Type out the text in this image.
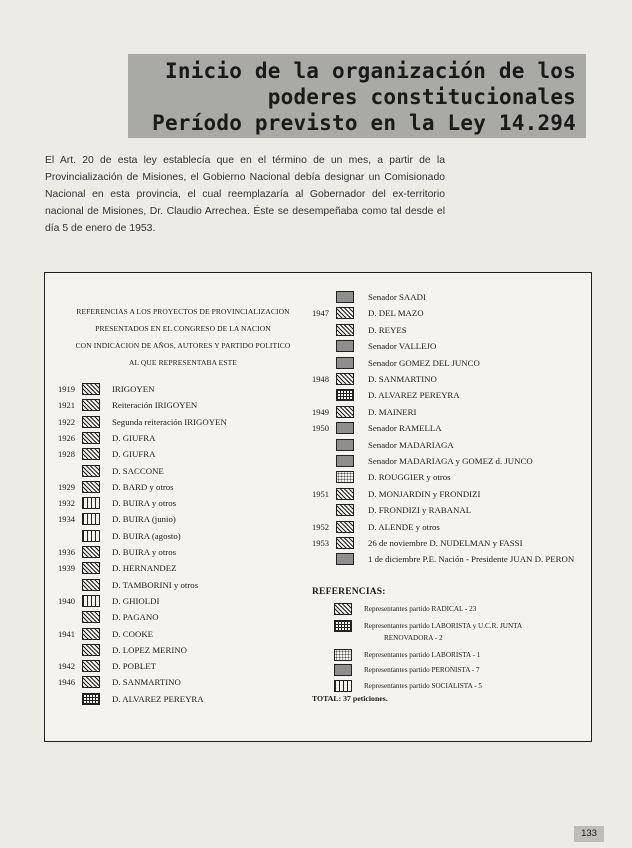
Inicio de la organización de los
poderes constitucionales
Período previsto en la Ley 14.294

El Art. 20 de esta ley establecía que en el término de un mes, a partir de la Provincialización de Misiones, el Gobierno Nacional debía designar un Comisionado Nacional en esta provincia, el cual reemplazaría al Gobernador del ex-territorio nacional de Misiones, Dr. Claudio Arrechea. Éste se desempeñaba como tal desde el día 5 de enero de 1953.

REFERENCIAS A LOS PROYECTOS DE PROVINCIALIZACION
PRESENTADOS EN EL CONGRESO DE LA NACION
CON INDICACION DE AÑOS, AUTORES Y PARTIDO POLITICO
AL QUE REPRESENTABA ESTE
1919	IRIGOYEN
1921	Reiteración IRIGOYEN
1922	Segunda reiteración IRIGOYEN
1926	D. GIUFRA
1928	D. GIUFRA
D. SACCONE
1929	D. BARD y otros
1932	D. BUIRA y otros
1934	D. BUIRA (junio)
D. BUIRA (agosto)
1936	D. BUIRA y otros
1939	D. HERNANDEZ
D. TAMBORINI y otros
1940	D. GHIOLDI
D. PAGANO
1941	D. COOKE
D. LOPEZ MERINO
1942	D. POBLET
1946	D. SANMARTINO
D. ALVAREZ PEREYRA
Senador SAADI
1947	D. DEL MAZO
D. REYES
Senador VALLEJO
Senador GOMEZ DEL JUNCO
1948	D. SANMARTINO
D. ALVAREZ PEREYRA
1949	D. MAINERI
1950	Senador RAMELLA
Senador MADARIAGA
Senador MADARIAGA y GOMEZ d. JUNCO
D. ROUGGIER y otros
1951	D. MONJARDIN y FRONDIZI
D. FRONDIZI y RABANAL
1952	D. ALENDE y otros
1953	26 de noviembre D. NUDELMAN y FASSI
1 de diciembre P.E. Nación - Presidente JUAN D. PERON
REFERENCIAS:
Representantes partido RADICAL - 23
Representantes partido LABORISTA y U.C.R. JUNTA
RENOVADORA - 2
Representantes partido LABORISTA - 1
Representantes partido PERONISTA - 7
Representantes partido SOCIALISTA - 5
TOTAL: 37 peticiones.
133
